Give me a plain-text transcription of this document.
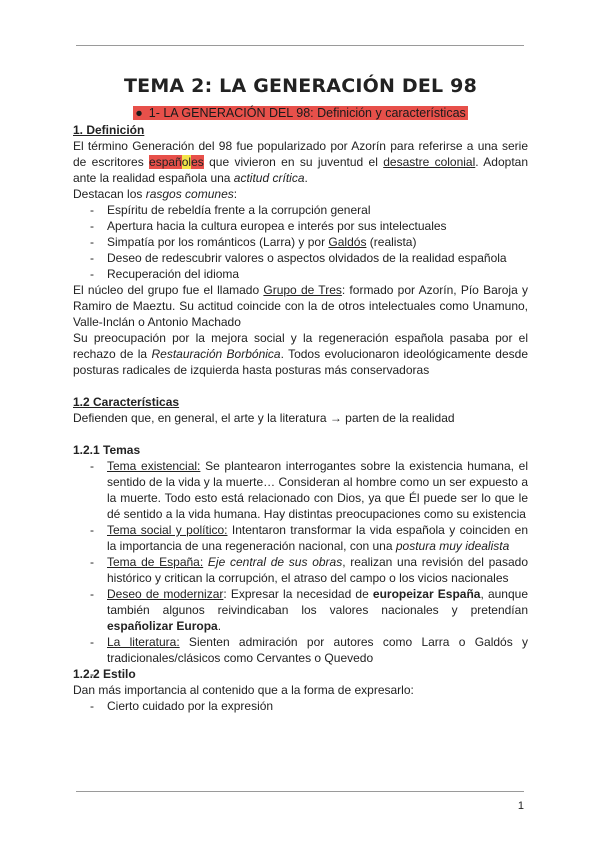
TEMA 2: LA GENERACIÓN DEL 98
● 1- LA GENERACIÓN DEL 98: Definición y características

1. Definición

El término Generación del 98 fue popularizado por Azorín para referirse a una serie de escritores españoles que vivieron en su juventud el desastre colonial. Adoptan ante la realidad española una actitud crítica.

Destacan los rasgos comunes:

- Espíritu de rebeldía frente a la corrupción general
- Apertura hacia la cultura europea e interés por sus intelectuales
- Simpatía por los románticos (Larra) y por Galdós (realista)
- Deseo de redescubrir valores o aspectos olvidados de la realidad española
- Recuperación del idioma

El núcleo del grupo fue el llamado Grupo de Tres: formado por Azorín, Pío Baroja y Ramiro de Maeztu. Su actitud coincide con la de otros intelectuales como Unamuno, Valle-Inclán o Antonio Machado

Su preocupación por la mejora social y la regeneración española pasaba por el rechazo de la Restauración Borbónica. Todos evolucionaron ideológicamente desde posturas radicales de izquierda hasta posturas más conservadoras

1.2 Características

Defienden que, en general, el arte y la literatura → parten de la realidad

1.2.1 Temas

- Tema existencial: Se plantearon interrogantes sobre la existencia humana, el sentido de la vida y la muerte… Consideran al hombre como un ser expuesto a la muerte. Todo esto está relacionado con Dios, ya que Él puede ser lo que le dé sentido a la vida humana. Hay distintas preocupaciones como su existencia
- Tema social y político: Intentaron transformar la vida española y coinciden en la importancia de una regeneración nacional, con una postura muy idealista
- Tema de España: Eje central de sus obras, realizan una revisión del pasado histórico y critican la corrupción, el atraso del campo o los vicios nacionales
- Deseo de modernizar: Expresar la necesidad de europeizar España, aunque también algunos reivindicaban los valores nacionales y pretendían españolizar Europa.
- La literatura: Sienten admiración por autores como Larra o Galdós y tradicionales/clásicos como Cervantes o Quevedo

1.2.2 Estilo

Dan más importancia al contenido que a la forma de expresarlo:

- Cierto cuidado por la expresión
1
